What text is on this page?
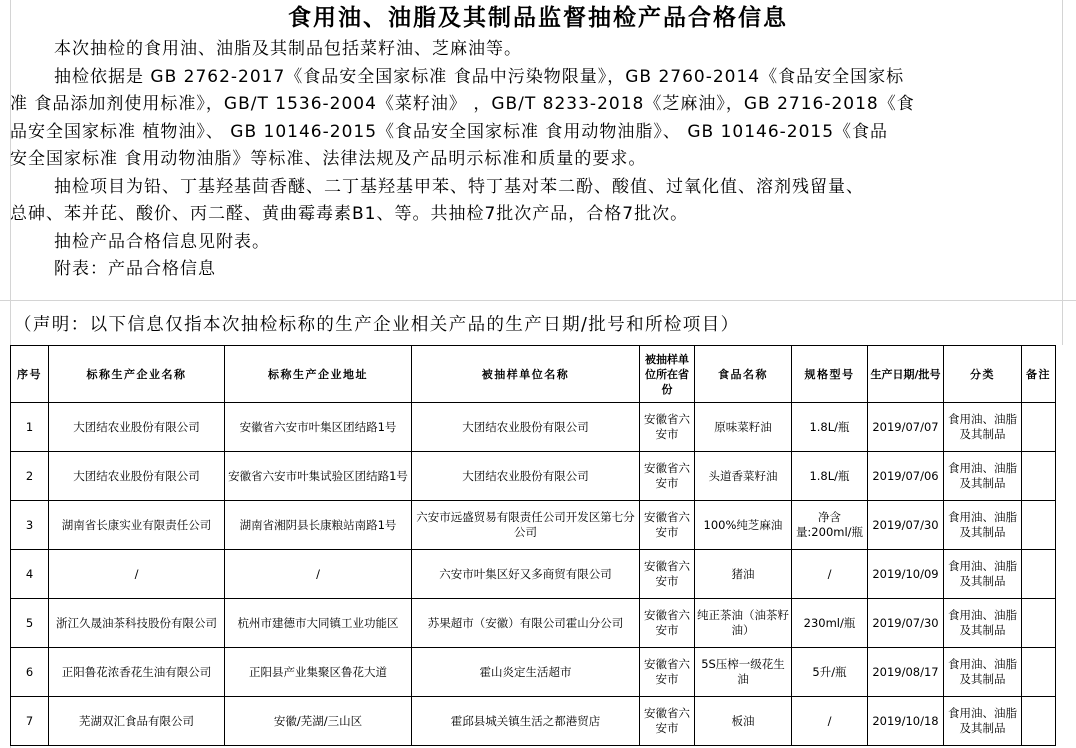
食用油、油脂及其制品监督抽检产品合格信息
本次抽检的食用油、油脂及其制品包括菜籽油、芝麻油等。
抽检依据是 GB 2762-2017《食品安全国家标准 食品中污染物限量》，GB 2760-2014《食品安全国家标
准 食品添加剂使用标准》，GB/T 1536-2004《菜籽油》 ，GB/T 8233-2018《芝麻油》，GB 2716-2018《食
品安全国家标准 植物油》、 GB 10146-2015《食品安全国家标准 食用动物油脂》、 GB 10146-2015《食品
安全国家标准 食用动物油脂》等标准、法律法规及产品明示标准和质量的要求。
抽检项目为铅、丁基羟基茴香醚、二丁基羟基甲苯、特丁基对苯二酚、酸值、过氧化值、溶剂残留量、
总砷、苯并芘、酸价、丙二醛、黄曲霉毒素B1、等。共抽检7批次产品，合格7批次。
抽检产品合格信息见附表。
附表：产品合格信息
（声明：以下信息仅指本次抽检标称的生产企业相关产品的生产日期/批号和所检项目）
序号	标称生产企业名称	标称生产企业地址	被抽样单位名称	被抽样单位所在省份	食品名称	规格型号	生产日期/批号	分类	备注
1	大团结农业股份有限公司	安徽省六安市叶集区团结路1号	大团结农业股份有限公司	安徽省六安市	原味菜籽油	1.8L/瓶	2019/07/07	食用油、油脂及其制品	
2	大团结农业股份有限公司	安徽省六安市叶集试验区团结路1号	大团结农业股份有限公司	安徽省六安市	头道香菜籽油	1.8L/瓶	2019/07/06	食用油、油脂及其制品	
3	湖南省长康实业有限责任公司	湖南省湘阴县长康粮站南路1号	六安市远盛贸易有限责任公司开发区第七分公司	安徽省六安市	100%纯芝麻油	净含量:200ml/瓶	2019/07/30	食用油、油脂及其制品	
4	/	/	六安市叶集区好又多商贸有限公司	安徽省六安市	猪油	/	2019/10/09	食用油、油脂及其制品	
5	浙江久晟油茶科技股份有限公司	杭州市建德市大同镇工业功能区	苏果超市（安徽）有限公司霍山分公司	安徽省六安市	纯正茶油（油茶籽油）	230ml/瓶	2019/07/30	食用油、油脂及其制品	
6	正阳鲁花浓香花生油有限公司	正阳县产业集聚区鲁花大道	霍山炎定生活超市	安徽省六安市	5S压榨一级花生油	5升/瓶	2019/08/17	食用油、油脂及其制品	
7	芜湖双汇食品有限公司	安徽/芜湖/三山区	霍邱县城关镇生活之都港贸店	安徽省六安市	板油	/	2019/10/18	食用油、油脂及其制品	
